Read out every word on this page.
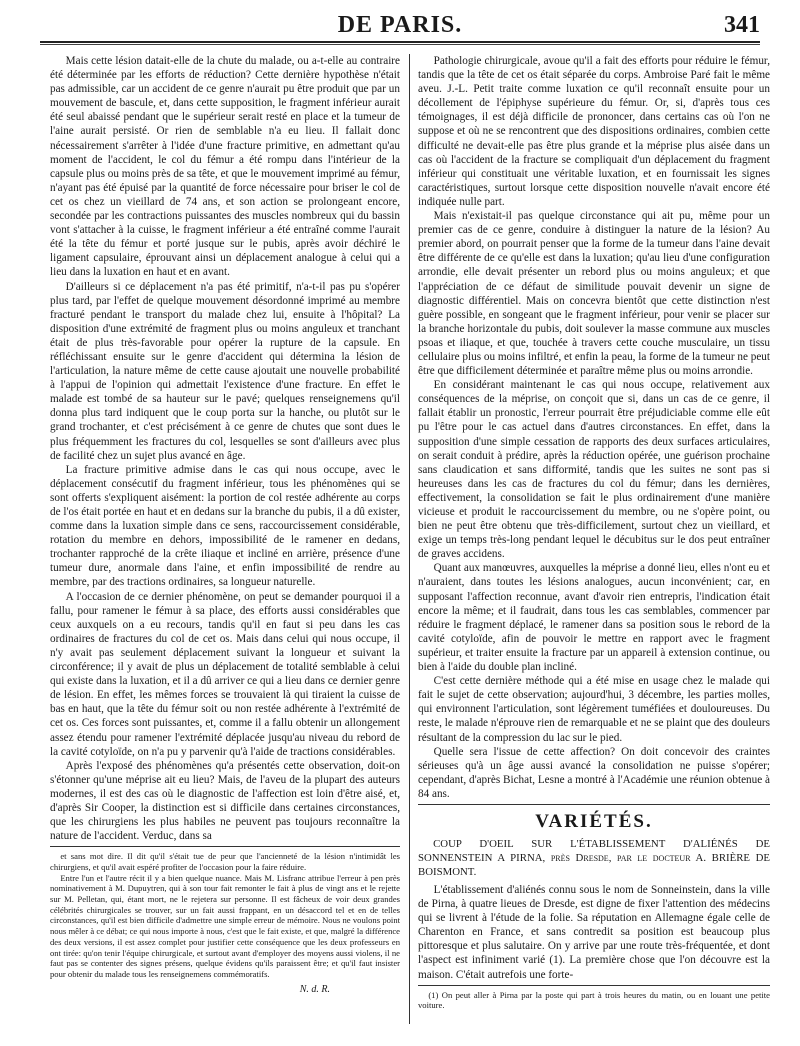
DE PARIS.	341

Mais cette lésion datait-elle de la chute du malade, ou a-t-elle au contraire été déterminée par les efforts de réduction? Cette dernière hypothèse n'était pas admissible, car un accident de ce genre n'aurait pu être produit que par un mouvement de bascule, et, dans cette supposition, le fragment inférieur aurait été seul abaissé pendant que le supérieur serait resté en place et la tumeur de l'aine aurait persisté. Or rien de semblable n'a eu lieu. Il fallait donc nécessairement s'arrêter à l'idée d'une fracture primitive, en admettant qu'au moment de l'accident, le col du fémur a été rompu dans l'intérieur de la capsule plus ou moins près de sa tête, et que le mouvement imprimé au fémur, n'ayant pas été épuisé par la quantité de force nécessaire pour briser le col de cet os chez un vieillard de 74 ans, et son action se prolongeant encore, secondée par les contractions puissantes des muscles nombreux qui du bassin vont s'attacher à la cuisse, le fragment inférieur a été entraîné comme l'aurait été la tête du fémur et porté jusque sur le pubis, après avoir déchiré le ligament capsulaire, éprouvant ainsi un déplacement analogue à celui qui a lieu dans la luxation en haut et en avant.

D'ailleurs si ce déplacement n'a pas été primitif, n'a-t-il pas pu s'opérer plus tard, par l'effet de quelque mouvement désordonné imprimé au membre fracturé pendant le transport du malade chez lui, ensuite à l'hôpital? La disposition d'une extrémité de fragment plus ou moins anguleux et tranchant était de plus très-favorable pour opérer la rupture de la capsule. En réfléchissant ensuite sur le genre d'accident qui détermina la lésion de l'articulation, la nature même de cette cause ajoutait une nouvelle probabilité à l'appui de l'opinion qui admettait l'existence d'une fracture. En effet le malade est tombé de sa hauteur sur le pavé; quelques renseignemens qu'il donna plus tard indiquent que le coup porta sur la hanche, ou plutôt sur le grand trochanter, et c'est précisément à ce genre de chutes que sont dues le plus fréquemment les fractures du col, lesquelles se sont d'ailleurs avec plus de facilité chez un sujet plus avancé en âge.

La fracture primitive admise dans le cas qui nous occupe, avec le déplacement consécutif du fragment inférieur, tous les phénomènes qui se sont offerts s'expliquent aisément: la portion de col restée adhérente au corps de l'os était portée en haut et en dedans sur la branche du pubis, il a dû exister, comme dans la luxation simple dans ce sens, raccourcissement considérable, rotation du membre en dehors, impossibilité de le ramener en dedans, trochanter rapproché de la crête iliaque et incliné en arrière, présence d'une tumeur dure, anormale dans l'aine, et enfin impossibilité de rendre au membre, par des tractions ordinaires, sa longueur naturelle.

A l'occasion de ce dernier phénomène, on peut se demander pourquoi il a fallu, pour ramener le fémur à sa place, des efforts aussi considérables que ceux auxquels on a eu recours, tandis qu'il en faut si peu dans les cas ordinaires de fractures du col de cet os. Mais dans celui qui nous occupe, il n'y avait pas seulement déplacement suivant la longueur et suivant la circonférence; il y avait de plus un déplacement de totalité semblable à celui qui existe dans la luxation, et il a dû arriver ce qui a lieu dans ce dernier genre de lésion. En effet, les mêmes forces se trouvaient là qui tiraient la cuisse de bas en haut, que la tête du fémur soit ou non restée adhérente à l'extrémité de cet os. Ces forces sont puissantes, et, comme il a fallu obtenir un allongement assez étendu pour ramener l'extrémité déplacée jusqu'au niveau du rebord de la cavité cotyloïde, on n'a pu y parvenir qu'à l'aide de tractions considérables.

Après l'exposé des phénomènes qu'a présentés cette observation, doit-on s'étonner qu'une méprise ait eu lieu? Mais, de l'aveu de la plupart des auteurs modernes, il est des cas où le diagnostic de l'affection est loin d'être aisé, et, d'après Sir Cooper, la distinction est si difficile dans certaines circonstances, que les chirurgiens les plus habiles ne peuvent pas toujours reconnaître la nature de l'accident. Verduc, dans sa

et sans mot dire. Il dit qu'il s'était tue de peur que l'ancienneté de la lésion n'intimidât les chirurgiens, et qu'il avait espéré profiter de l'occasion pour la faire réduire.

Entre l'un et l'autre récit il y a bien quelque nuance. Mais M. Lisfranc attribue l'erreur à pen près nominativement à M. Dupuytren, qui à son tour fait remonter le fait à plus de vingt ans et le rejette sur M. Pelletan, qui, étant mort, ne le rejetera sur personne. Il est fâcheux de voir deux grandes célébrités chirurgicales se trouver, sur un fait aussi frappant, en un désaccord tel et en de telles circonstances, qu'il est bien difficile d'admettre une simple erreur de mémoire. Nous ne voulons point nous mêler à ce débat; ce qui nous importe à nous, c'est que le fait existe, et que, malgré la différence des deux versions, il est assez complet pour justifier cette conséquence que les deux professeurs en ont tirée: qu'on tenir l'équipe chirurgicale, et surtout avant d'employer des moyens aussi violens, il ne faut pas se contenter des signes présens, quelque évidens qu'ils paraissent être; et qu'il faut insister pour obtenir du malade tous les renseignemens commémoratifs.

N. d. R.

Pathologie chirurgicale, avoue qu'il a fait des efforts pour réduire le fémur, tandis que la tête de cet os était séparée du corps. Ambroise Paré fait le même aveu. J.-L. Petit traite comme luxation ce qu'il reconnaît ensuite pour un décollement de l'épiphyse supérieure du fémur. Or, si, d'après tous ces témoignages, il est déjà difficile de prononcer, dans certains cas où l'on ne suppose et où ne se rencontrent que des dispositions ordinaires, combien cette difficulté ne devait-elle pas être plus grande et la méprise plus aisée dans un cas où l'accident de la fracture se compliquait d'un déplacement du fragment inférieur qui constituait une véritable luxation, et en fournissait les signes caractéristiques, surtout lorsque cette disposition nouvelle n'avait encore été indiquée nulle part.

Mais n'existait-il pas quelque circonstance qui ait pu, même pour un premier cas de ce genre, conduire à distinguer la nature de la lésion? Au premier abord, on pourrait penser que la forme de la tumeur dans l'aine devait être différente de ce qu'elle est dans la luxation; qu'au lieu d'une configuration arrondie, elle devait présenter un rebord plus ou moins anguleux; et que l'appréciation de ce défaut de similitude pouvait devenir un signe de diagnostic différentiel. Mais on concevra bientôt que cette distinction n'est guère possible, en songeant que le fragment inférieur, pour venir se placer sur la branche horizontale du pubis, doit soulever la masse commune aux muscles psoas et iliaque, et que, touchée à travers cette couche musculaire, un tissu cellulaire plus ou moins infiltré, et enfin la peau, la forme de la tumeur ne peut être que difficilement déterminée et paraître même plus ou moins arrondie.

En considérant maintenant le cas qui nous occupe, relativement aux conséquences de la méprise, on conçoit que si, dans un cas de ce genre, il fallait établir un pronostic, l'erreur pourrait être préjudiciable comme elle eût pu l'être pour le cas actuel dans d'autres circonstances. En effet, dans la supposition d'une simple cessation de rapports des deux surfaces articulaires, on serait conduit à prédire, après la réduction opérée, une guérison prochaine sans claudication et sans difformité, tandis que les suites ne sont pas si heureuses dans les cas de fractures du col du fémur; dans les dernières, effectivement, la consolidation se fait le plus ordinairement d'une manière vicieuse et produit le raccourcissement du membre, ou ne s'opère point, ou bien ne peut être obtenu que très-difficilement, surtout chez un vieillard, et exige un temps très-long pendant lequel le décubitus sur le dos peut entraîner de graves accidens.

Quant aux manœuvres, auxquelles la méprise a donné lieu, elles n'ont eu et n'auraient, dans toutes les lésions analogues, aucun inconvénient; car, en supposant l'affection reconnue, avant d'avoir rien entrepris, l'indication était encore la même; et il faudrait, dans tous les cas semblables, commencer par réduire le fragment déplacé, le ramener dans sa position sous le rebord de la cavité cotyloïde, afin de pouvoir le mettre en rapport avec le fragment supérieur, et traiter ensuite la fracture par un appareil à extension continue, ou bien à l'aide du double plan incliné.

C'est cette dernière méthode qui a été mise en usage chez le malade qui fait le sujet de cette observation; aujourd'hui, 3 décembre, les parties molles, qui environnent l'articulation, sont légèrement tuméfiées et douloureuses. Du reste, le malade n'éprouve rien de remarquable et ne se plaint que des douleurs résultant de la compression du lac sur le pied.

Quelle sera l'issue de cette affection? On doit concevoir des craintes sérieuses qu'à un âge aussi avancé la consolidation ne puisse s'opérer; cependant, d'après Bichat, Lesne a montré à l'Académie une réunion obtenue à 84 ans.

VARIÉTÉS.

COUP D'OEIL SUR L'ÉTABLISSEMENT D'ALIÉNÉS DE SONNENSTEIN A PIRNA, près Dresde, par le docteur A. BRIÈRE DE BOISMONT.

L'établissement d'aliénés connu sous le nom de Sonneinstein, dans la ville de Pirna, à quatre lieues de Dresde, est digne de fixer l'attention des médecins qui se livrent à l'étude de la folie. Sa réputation en Allemagne égale celle de Charenton en France, et sans contredit sa position est beaucoup plus pittoresque et plus salutaire. On y arrive par une route très-fréquentée, et dont l'aspect est infiniment varié (1). La première chose que l'on découvre est la maison. C'était autrefois une forte-

(1) On peut aller à Pirna par la poste qui part à trois heures du matin, ou en louant une petite voiture.
